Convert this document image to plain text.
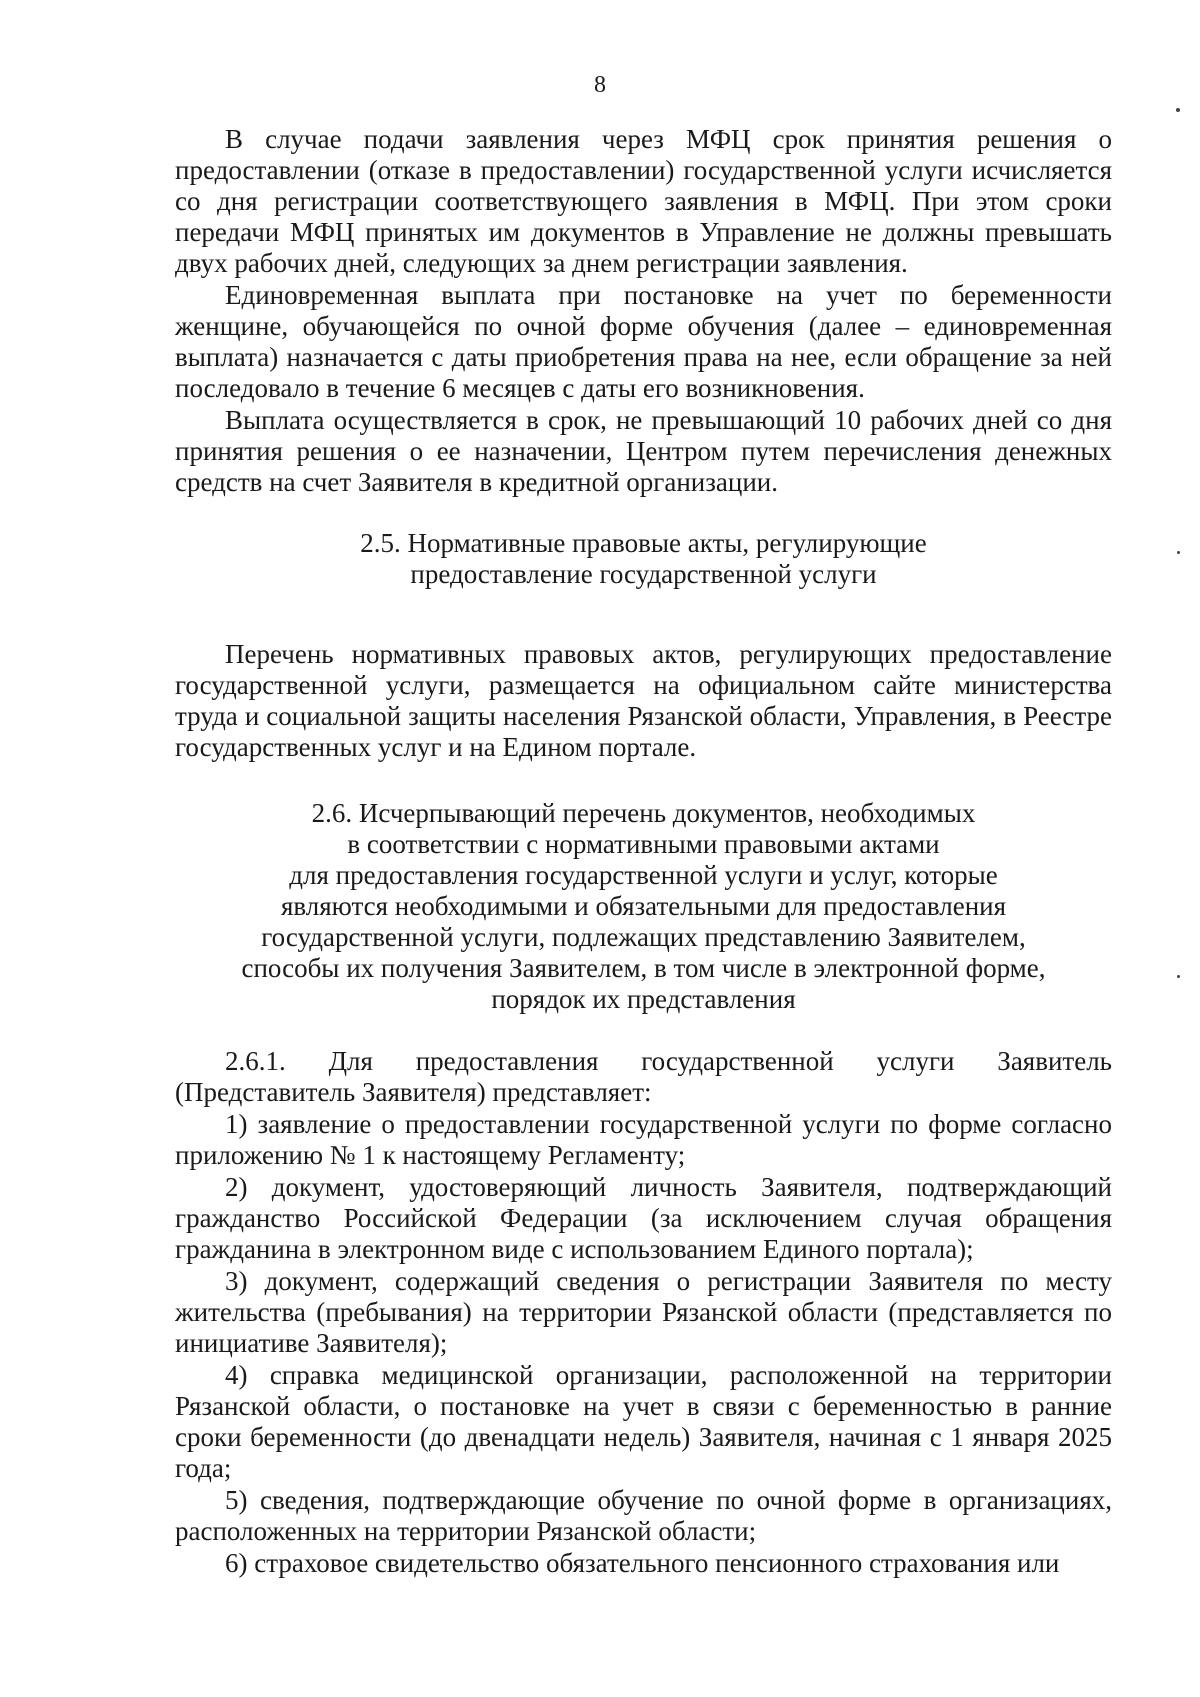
8

В случае подачи заявления через МФЦ срок принятия решения о предоставлении (отказе в предоставлении) государственной услуги исчисляется со дня регистрации соответствующего заявления в МФЦ. При этом сроки передачи МФЦ принятых им документов в Управление не должны превышать двух рабочих дней, следующих за днем регистрации заявления.

Единовременная выплата при постановке на учет по беременности женщине, обучающейся по очной форме обучения (далее – единовременная выплата) назначается с даты приобретения права на нее, если обращение за ней последовало в течение 6 месяцев с даты его возникновения.

Выплата осуществляется в срок, не превышающий 10 рабочих дней со дня принятия решения о ее назначении, Центром путем перечисления денежных средств на счет Заявителя в кредитной организации.

2.5. Нормативные правовые акты, регулирующие
предоставление государственной услуги

Перечень нормативных правовых актов, регулирующих предоставление государственной услуги, размещается на официальном сайте министерства труда и социальной защиты населения Рязанской области, Управления, в Реестре государственных услуг и на Едином портале.

2.6. Исчерпывающий перечень документов, необходимых
в соответствии с нормативными правовыми актами
для предоставления государственной услуги и услуг, которые
являются необходимыми и обязательными для предоставления
государственной услуги, подлежащих представлению Заявителем,
способы их получения Заявителем, в том числе в электронной форме,
порядок их представления

2.6.1. Для предоставления государственной услуги Заявитель (Представитель Заявителя) представляет:

1) заявление о предоставлении государственной услуги по форме согласно приложению № 1 к настоящему Регламенту;

2) документ, удостоверяющий личность Заявителя, подтверждающий гражданство Российской Федерации (за исключением случая обращения гражданина в электронном виде с использованием Единого портала);

3) документ, содержащий сведения о регистрации Заявителя по месту жительства (пребывания) на территории Рязанской области (представляется по инициативе Заявителя);

4) справка медицинской организации, расположенной на территории Рязанской области, о постановке на учет в связи с беременностью в ранние сроки беременности (до двенадцати недель) Заявителя, начиная с 1 января 2025 года;

5) сведения, подтверждающие обучение по очной форме в организациях, расположенных на территории Рязанской области;

6) страховое свидетельство обязательного пенсионного страхования или
